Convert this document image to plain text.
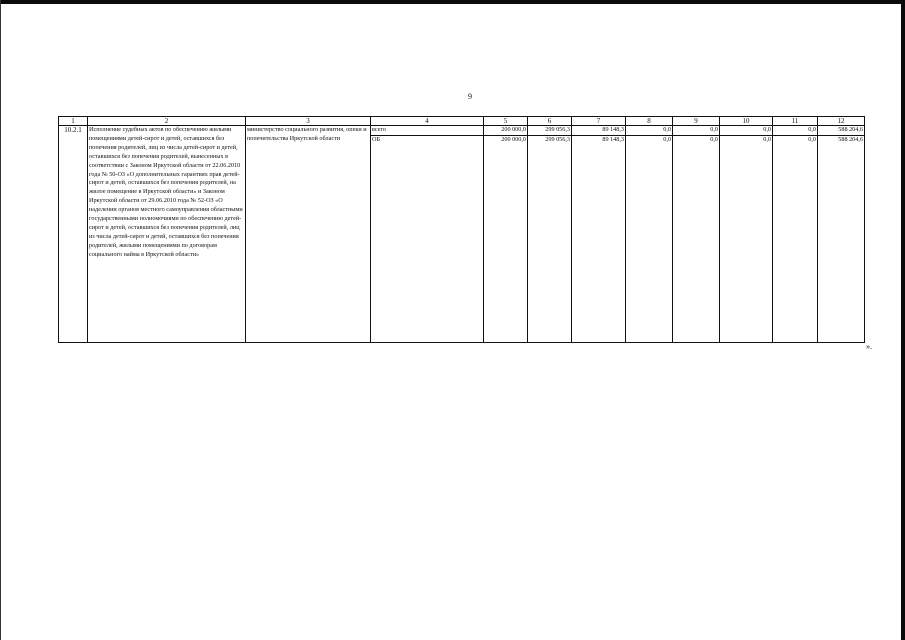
9
1	2	3	4	5	6	7	8	9	10	11	12
10.2.1	Исполнение судебных актов по обеспечению жилыми помещениями детей-сирот и детей, оставшихся без попечения родителей, лиц из числа детей-сирот и детей, оставшихся без попечения родителей, вынесенных в соответствии с Законом Иркутской области от 22.06.2010 года № 50-ОЗ «О дополнительных гарантиях прав детей-сирот и детей, оставшихся без попечения родителей, на жилое помещение в Иркутской области» и Законом Иркутской области от 29.06.2010 года № 52-ОЗ «О наделении органов местного самоуправления областными государственными полномочиями по обеспечению детей-сирот и детей, оставшихся без попечения родителей, лиц из числа детей-сирот и детей, оставшихся без попечения родителей, жилыми помещениями по договорам социального найма в Иркутской области»	министерство социального развития, опеки и попечительства Иркутской области	всего	200 000,0	299 056,3	89 148,3	0,0	0,0	0,0	0,0	588 204,6
			ОБ	200 000,0	299 056,3	89 148,3	0,0	0,0	0,0	0,0	588 204,6
».
